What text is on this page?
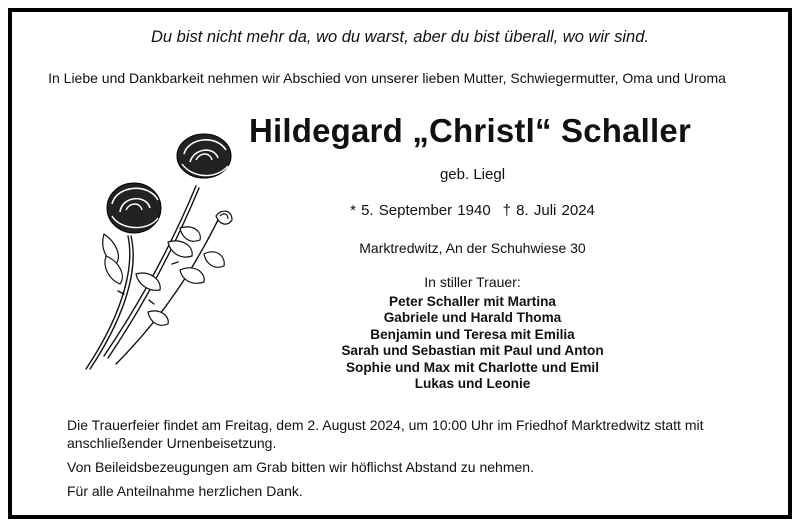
Du bist nicht mehr da, wo du warst, aber du bist überall, wo wir sind.
In Liebe und Dankbarkeit nehmen wir Abschied von unserer lieben Mutter, Schwiegermutter, Oma und Uroma
Hildegard „Christl“ Schaller
geb. Liegl
* 5. September 1940 † 8. Juli 2024
Marktredwitz, An der Schuhwiese 30
In stiller Trauer:
Peter Schaller mit Martina
Gabriele und Harald Thoma
Benjamin und Teresa mit Emilia
Sarah und Sebastian mit Paul und Anton
Sophie und Max mit Charlotte und Emil
Lukas und Leonie
Die Trauerfeier findet am Freitag, dem 2. August 2024, um 10:00 Uhr im Friedhof Marktredwitz statt mit anschließender Urnenbeisetzung.
Von Beileidsbezeugungen am Grab bitten wir höflichst Abstand zu nehmen.
Für alle Anteilnahme herzlichen Dank.
